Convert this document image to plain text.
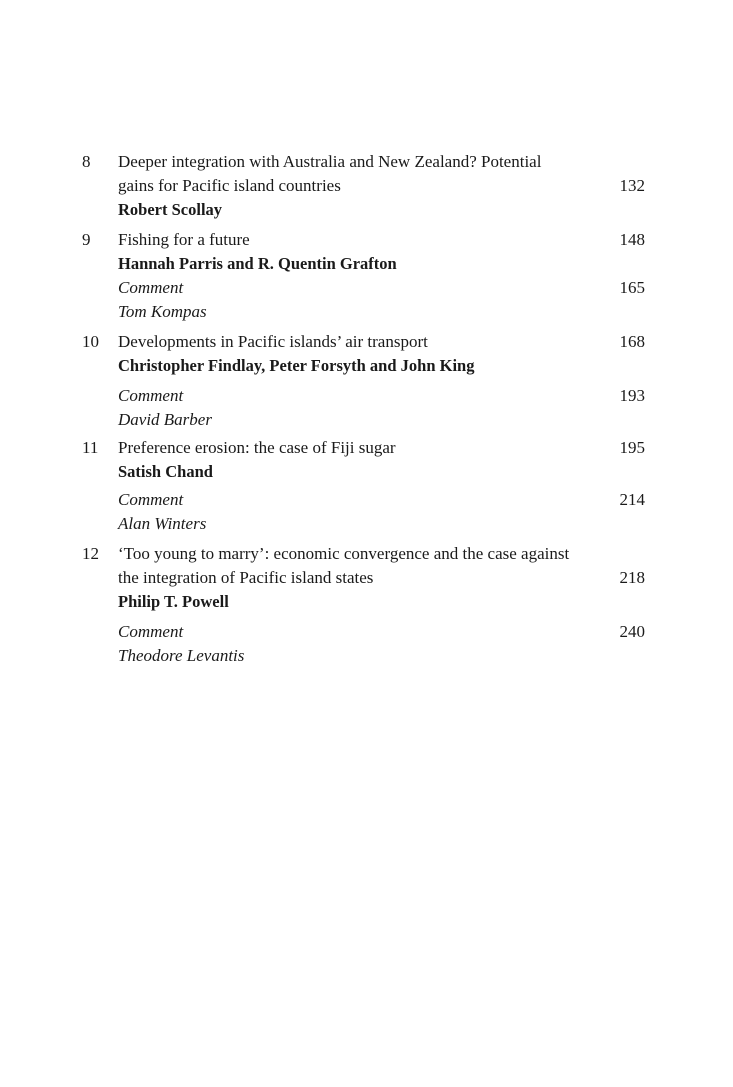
8 Deeper integration with Australia and New Zealand? Potential
gains for Pacific island countries	132
Robert Scollay
9 Fishing for a future	148
Hannah Parris and R. Quentin Grafton
Comment	165
Tom Kompas
10 Developments in Pacific islands’ air transport	168
Christopher Findlay, Peter Forsyth and John King
Comment	193
David Barber
11 Preference erosion: the case of Fiji sugar	195
Satish Chand
Comment	214
Alan Winters
12 ‘Too young to marry’: economic convergence and the case against
the integration of Pacific island states	218
Philip T. Powell
Comment	240
Theodore Levantis
